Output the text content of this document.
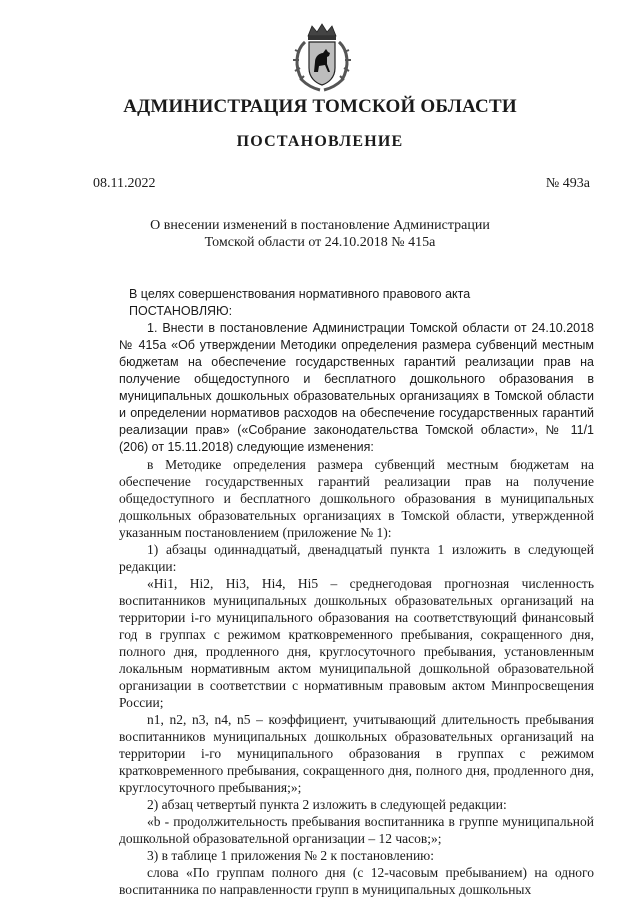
АДМИНИСТРАЦИЯ ТОМСКОЙ ОБЛАСТИ
ПОСТАНОВЛЕНИЕ
08.11.2022	№ 493а
О внесении изменений в постановление Администрации
Томской области от 24.10.2018 № 415а

В целях совершенствования нормативного правового акта

ПОСТАНОВЛЯЮ:

1. Внести в постановление Администрации Томской области от 24.10.2018 № 415а «Об утверждении Методики определения размера субвенций местным бюджетам на обеспечение государственных гарантий реализации прав на получение общедоступного и бесплатного дошкольного образования в муниципальных дошкольных образовательных организациях в Томской области и определении нормативов расходов на обеспечение государственных гарантий реализации прав» («Собрание законодательства Томской области», № 11/1 (206) от 15.11.2018) следующие изменения:

в Методике определения размера субвенций местным бюджетам на обеспечение государственных гарантий реализации прав на получение общедоступного и бесплатного дошкольного образования в муниципальных дошкольных образовательных организациях в Томской области, утвержденной указанным постановлением (приложение № 1):

1) абзацы одиннадцатый, двенадцатый пункта 1 изложить в следующей редакции:

«Hi1, Hi2, Hi3, Hi4, Hi5 – среднегодовая прогнозная численность воспитанников муниципальных дошкольных образовательных организаций на территории i-го муниципального образования на соответствующий финансовый год в группах с режимом кратковременного пребывания, сокращенного дня, полного дня, продленного дня, круглосуточного пребывания, установленным локальным нормативным актом муниципальной дошкольной образовательной организации в соответствии с нормативным правовым актом Минпросвещения России;

n1, n2, n3, n4, n5 – коэффициент, учитывающий длительность пребывания воспитанников муниципальных дошкольных образовательных организаций на территории i-го муниципального образования в группах с режимом кратковременного пребывания, сокращенного дня, полного дня, продленного дня, круглосуточного пребывания;»;

2) абзац четвертый пункта 2 изложить в следующей редакции:

«b - продолжительность пребывания воспитанника в группе муниципальной дошкольной образовательной организации – 12 часов;»;

3) в таблице 1 приложения № 2 к постановлению:

слова «По группам полного дня (с 12-часовым пребыванием) на одного воспитанника по направленности групп в муниципальных дошкольных
